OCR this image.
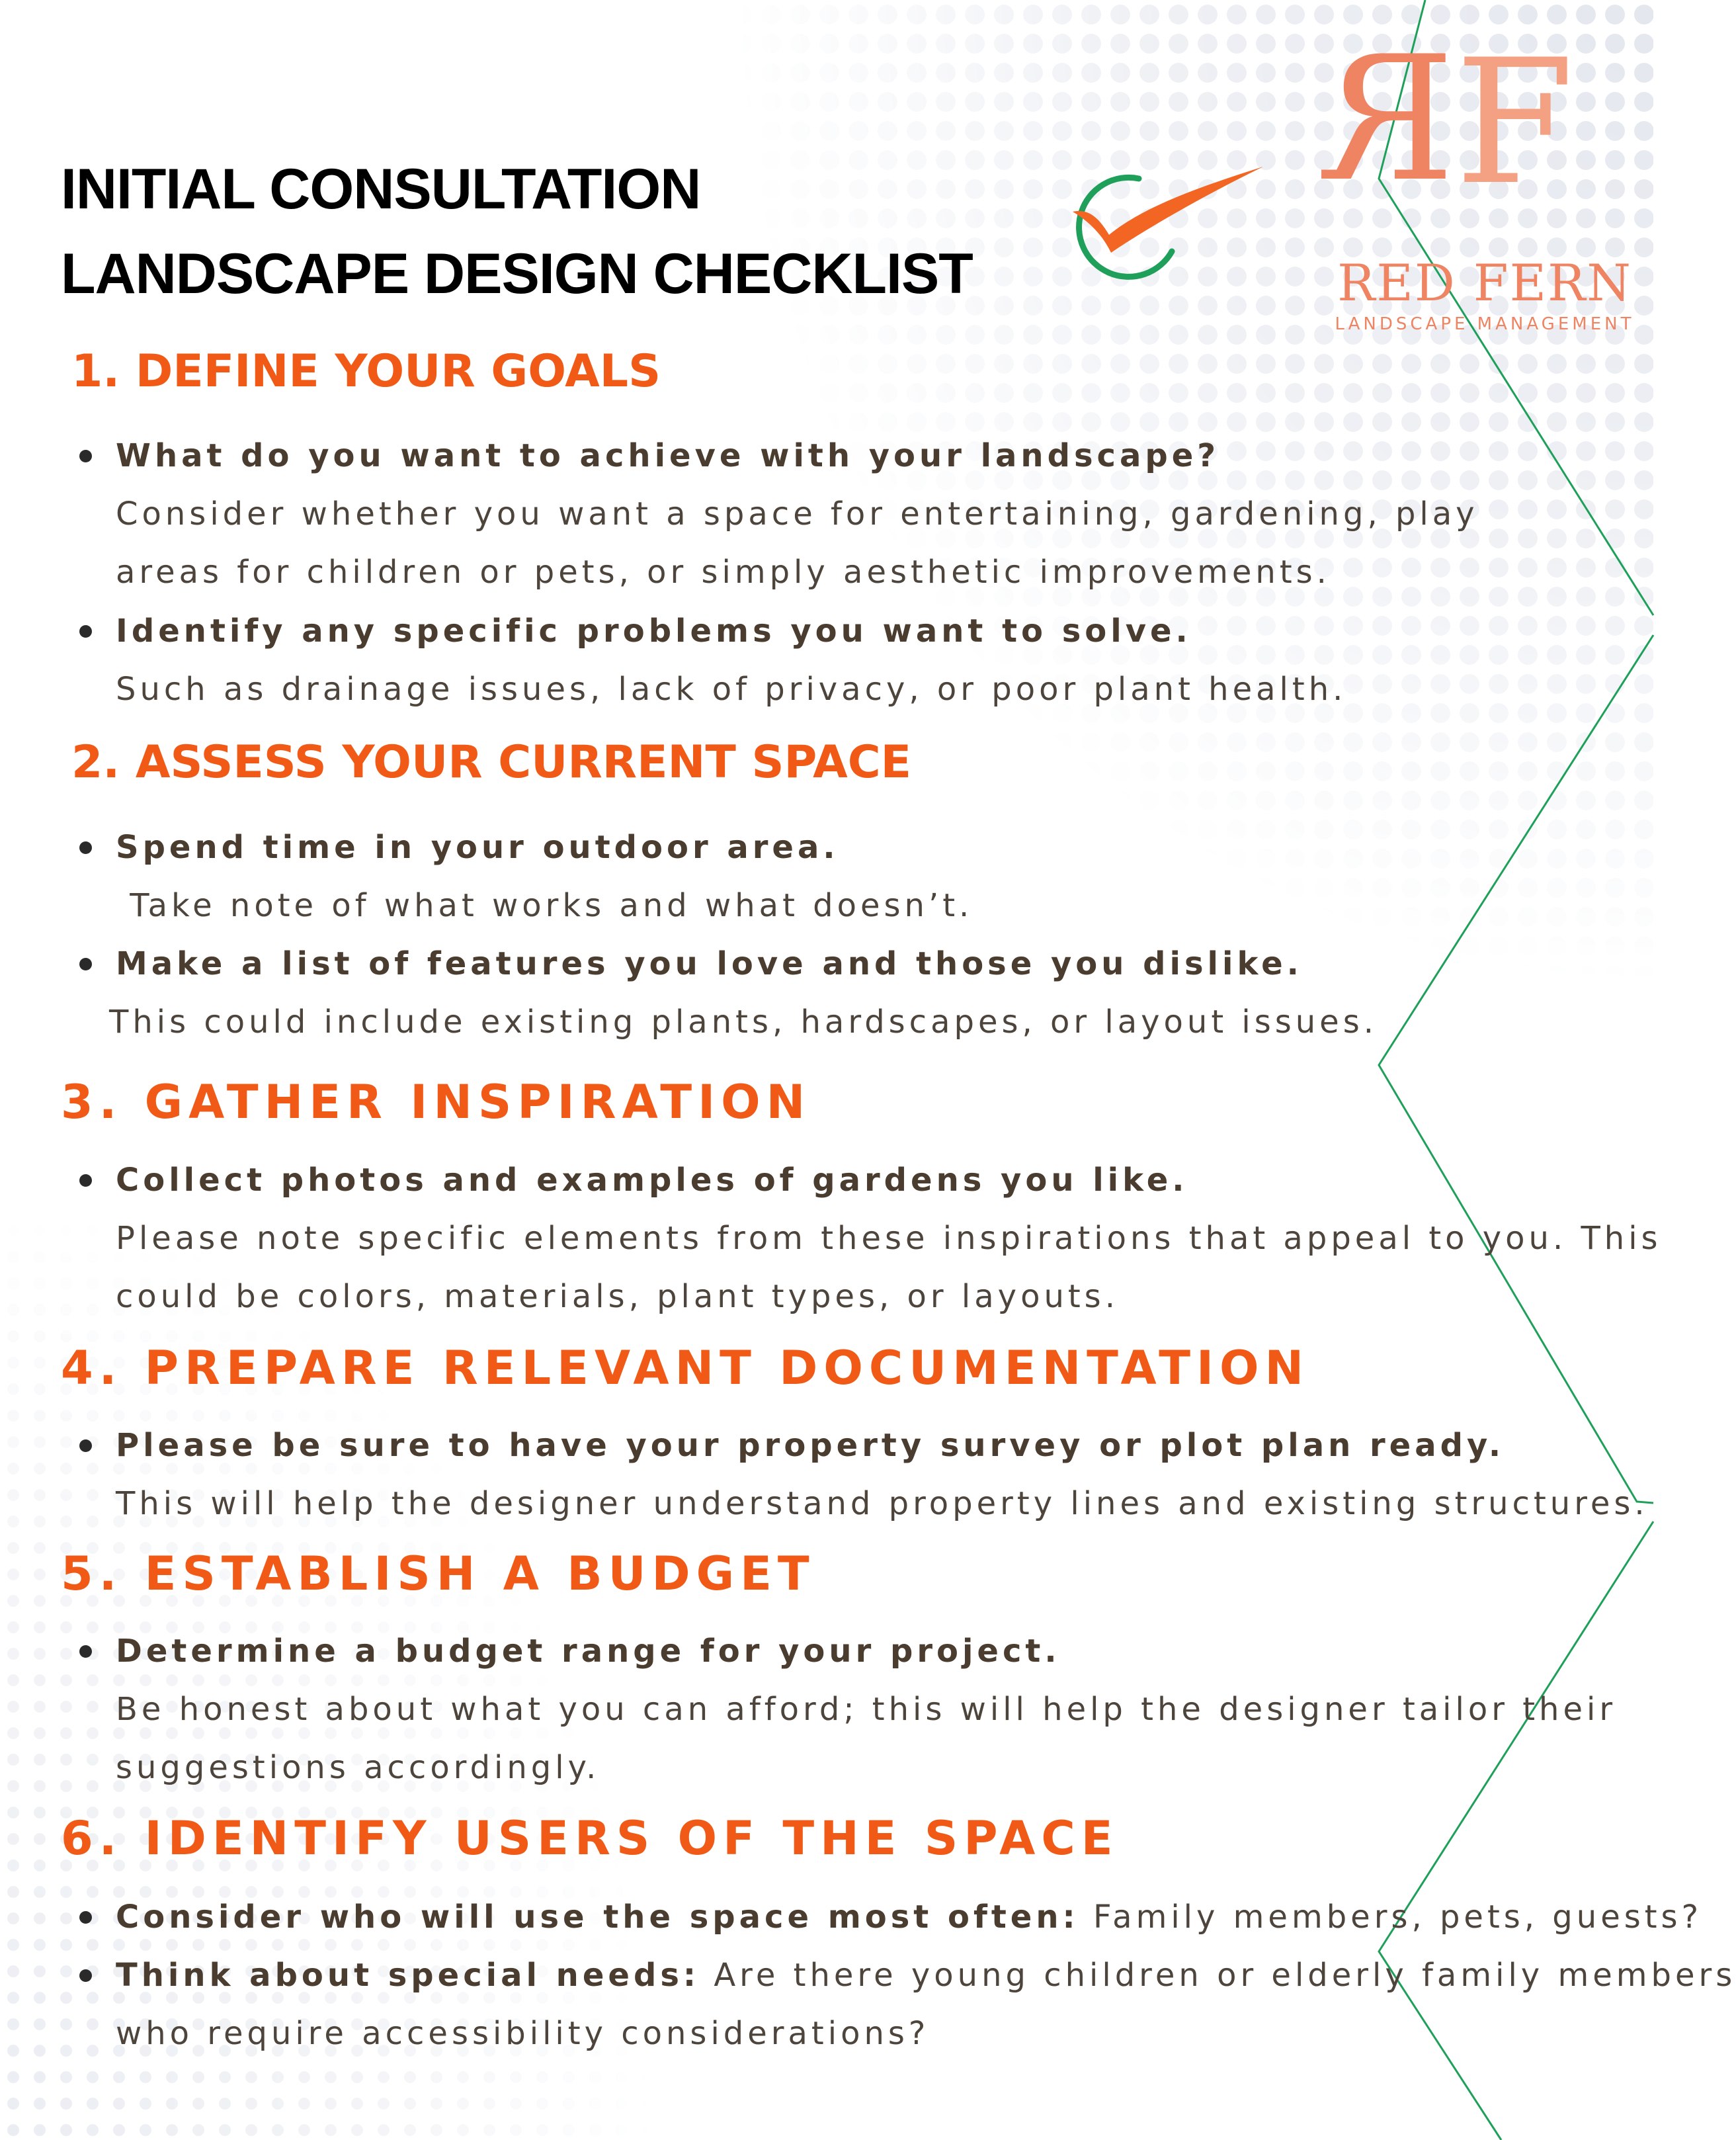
INITIAL CONSULTATION
LANDSCAPE DESIGN CHECKLIST
R F
RED FERN
LANDSCAPE MANAGEMENT
1. DEFINE YOUR GOALS
What do you want to achieve with your landscape?
Consider whether you want a space for entertaining, gardening, play
areas for children or pets, or simply aesthetic improvements.
Identify any specific problems you want to solve.
Such as drainage issues, lack of privacy, or poor plant health.
2. ASSESS YOUR CURRENT SPACE
Spend time in your outdoor area.
Take note of what works and what doesn’t.
Make a list of features you love and those you dislike.
This could include existing plants, hardscapes, or layout issues.
3. GATHER INSPIRATION
Collect photos and examples of gardens you like.
Please note specific elements from these inspirations that appeal to you. This
could be colors, materials, plant types, or layouts.
4. PREPARE RELEVANT DOCUMENTATION
Please be sure to have your property survey or plot plan ready.
This will help the designer understand property lines and existing structures.
5. ESTABLISH A BUDGET
Determine a budget range for your project.
Be honest about what you can afford; this will help the designer tailor their
suggestions accordingly.
6. IDENTIFY USERS OF THE SPACE
Consider who will use the space most often: Family members, pets, guests?
Think about special needs: Are there young children or elderly family members
who require accessibility considerations?
